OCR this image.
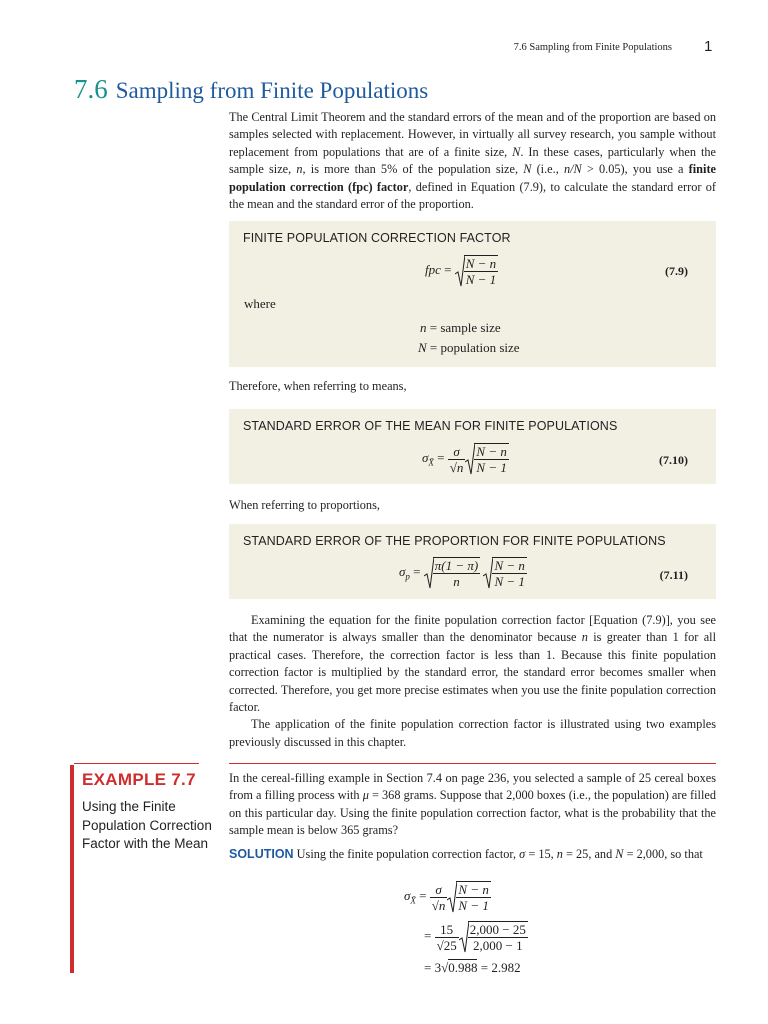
7.6 Sampling from Finite Populations 1
7.6 Sampling from Finite Populations

The Central Limit Theorem and the standard errors of the mean and of the proportion are based on samples selected with replacement. However, in virtually all survey research, you sample without replacement from populations that are of a finite size, N. In these cases, particularly when the sample size, n, is more than 5% of the population size, N (i.e., n/N > 0.05), you use a finite population correction (fpc) factor, defined in Equation (7.9), to calculate the standard error of the mean and the standard error of the proportion.

FINITE POPULATION CORRECTION FACTOR
fpc = $\frac{N - n}{N - 1}$	(7.9)
where
n = sample size
N = population size
Therefore, when referring to means,
STANDARD ERROR OF THE MEAN FOR FINITE POPULATIONS
$\sigma_{X̄} = \frac{\sigma}{√n} \frac{N - n}{N - 1}$	(7.10)
When referring to proportions,
STANDARD ERROR OF THE PROPORTION FOR FINITE POPULATIONS
$\sigma_p = \frac{\pi(1 - \pi)}{n}$
$\frac{N - n}{N - 1}$	(7.11)

Examining the equation for the finite population correction factor [Equation (7.9)], you see that the numerator is always smaller than the denominator because n is greater than 1 for all practical cases. Therefore, the correction factor is less than 1. Because this finite population correction factor is multiplied by the standard error, the standard error becomes smaller when corrected. Therefore, you get more precise estimates when you use the finite population correction factor.

The application of the finite population correction factor is illustrated using two examples previously discussed in this chapter.

EXAMPLE 7.7
Using the Finite Population Correction Factor with the Mean

In the cereal-filling example in Section 7.4 on page 236, you selected a sample of 25 cereal boxes from a filling process with μ = 368 grams. Suppose that 2,000 boxes (i.e., the population) are filled on this particular day. Using the finite population correction factor, what is the probability that the sample mean is below 365 grams?

SOLUTION Using the finite population correction factor, σ = 15, n = 25, and N = 2,000, so that

$\sigma_{X̄} = \frac{\sigma}{√n} \frac{N - n}{N - 1}$
= $\frac{15}{√25} \frac{2,000 - 25}{2,000 - 1}$
= 3√0.988 = 2.982
